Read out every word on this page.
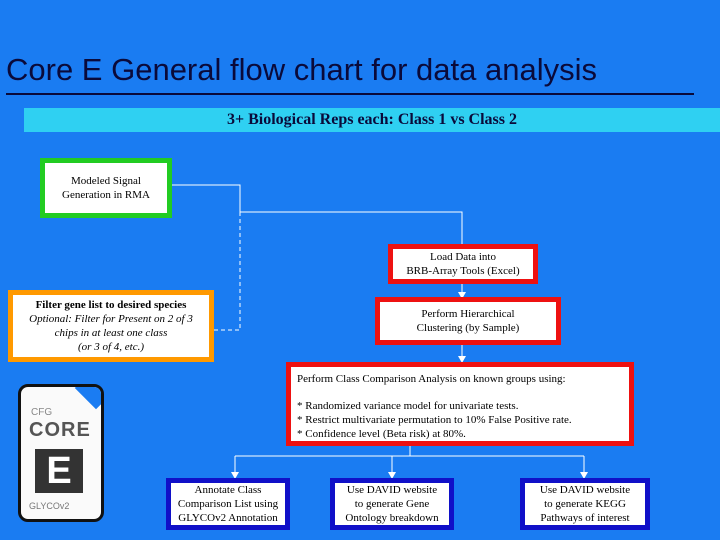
Core E General flow chart for data analysis
3+ Biological Reps each: Class 1 vs Class 2
Modeled Signal
Generation in RMA
Load Data into
BRB-Array Tools (Excel)
Filter gene list to desired species
Optional: Filter for Present on 2 of 3
chips in at least one class
(or 3 of 4, etc.)
Perform Hierarchical
Clustering (by Sample)
Perform Class Comparison Analysis on known groups using:
* Randomized variance model for univariate tests.
* Restrict multivariate permutation to 10% False Positive rate.
* Confidence level (Beta risk) at 80%.
Annotate Class
Comparison List using
GLYCOv2 Annotation
Use DAVID website
to generate Gene
Ontology breakdown
Use DAVID website
to generate KEGG
Pathways of interest
CFG
CORE
E
GLYCOv2
